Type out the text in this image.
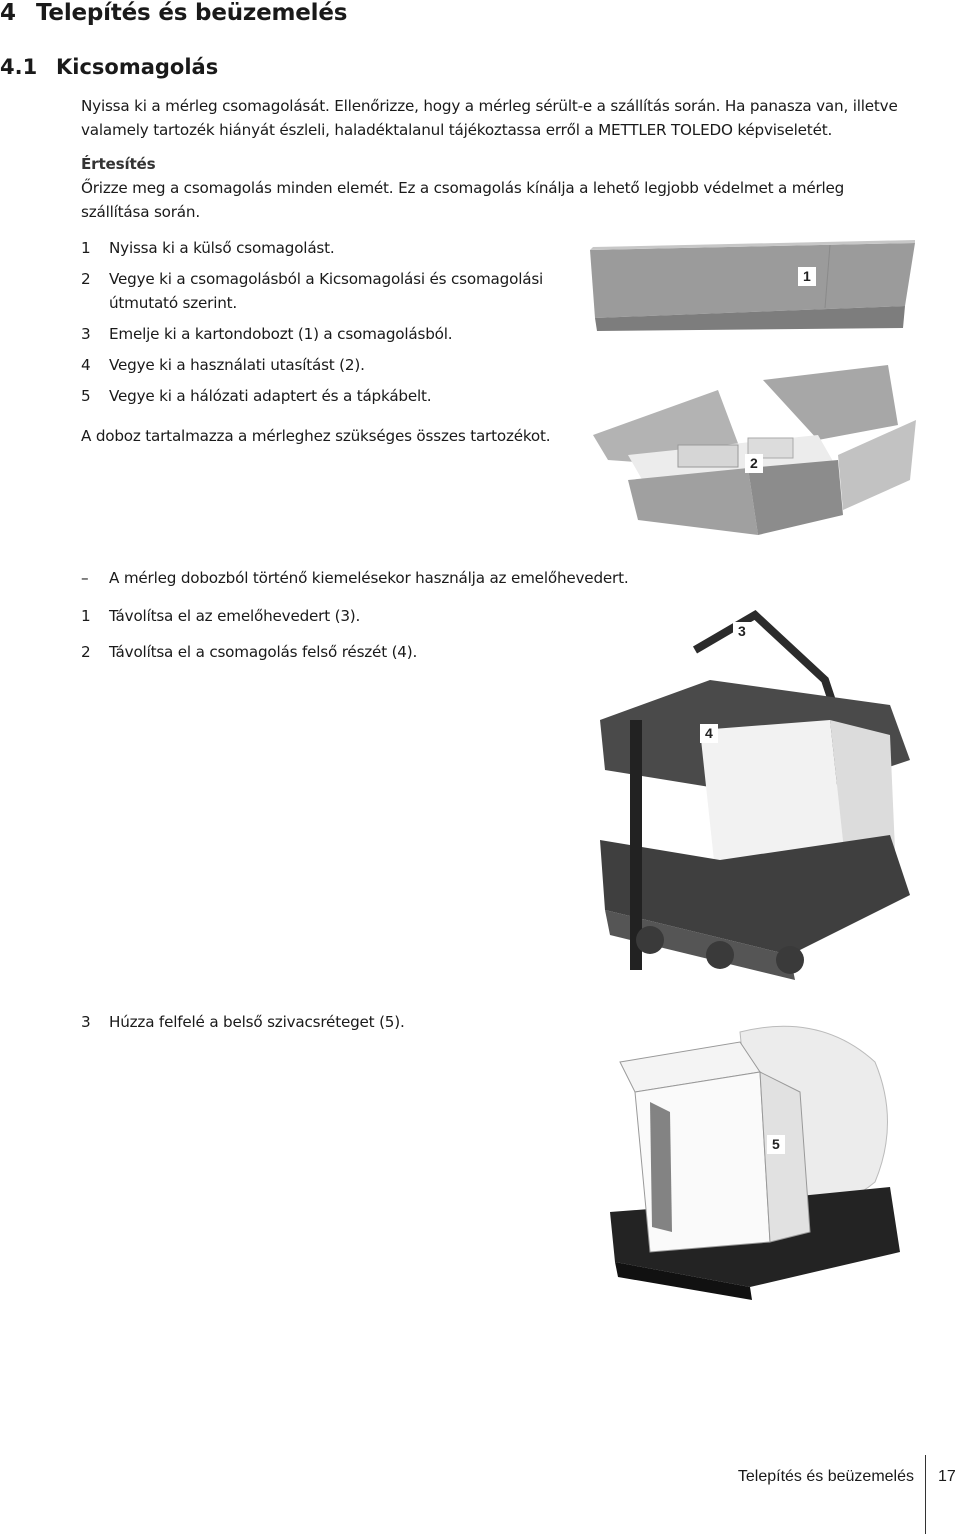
4 Telepítés és beüzemelés
4.1 Kicsomagolás
Nyissa ki a mérleg csomagolását. Ellenőrizze, hogy a mérleg sérült-e a szállítás során. Ha panasza van, illetve valamely tartozék hiányát észleli, haladéktalanul tájékoztassa erről a METTLER TOLEDO képviseletét.
Értesítés
Őrizze meg a csomagolás minden elemét. Ez a csomagolás kínálja a lehető legjobb védelmet a mérleg szállítása során.
1	Nyissa ki a külső csomagolást.
2	Vegye ki a csomagolásból a Kicsomagolási és csomagolási útmutató szerint.
3	Emelje ki a kartondobozt (1) a csomagolásból.
4	Vegye ki a használati utasítást (2).
5	Vegye ki a hálózati adaptert és a tápkábelt.
A doboz tartalmazza a mérleghez szükséges összes tartozékot.
1
2
–	A mérleg dobozból történő kiemelésekor használja az emelőhevedert.
1	Távolítsa el az emelőhevedert (3).
2	Távolítsa el a csomagolás felső részét (4).
3
4
3	Húzza felfelé a belső szivacsréteget (5).
5
Telepítés és beüzemelés 17
